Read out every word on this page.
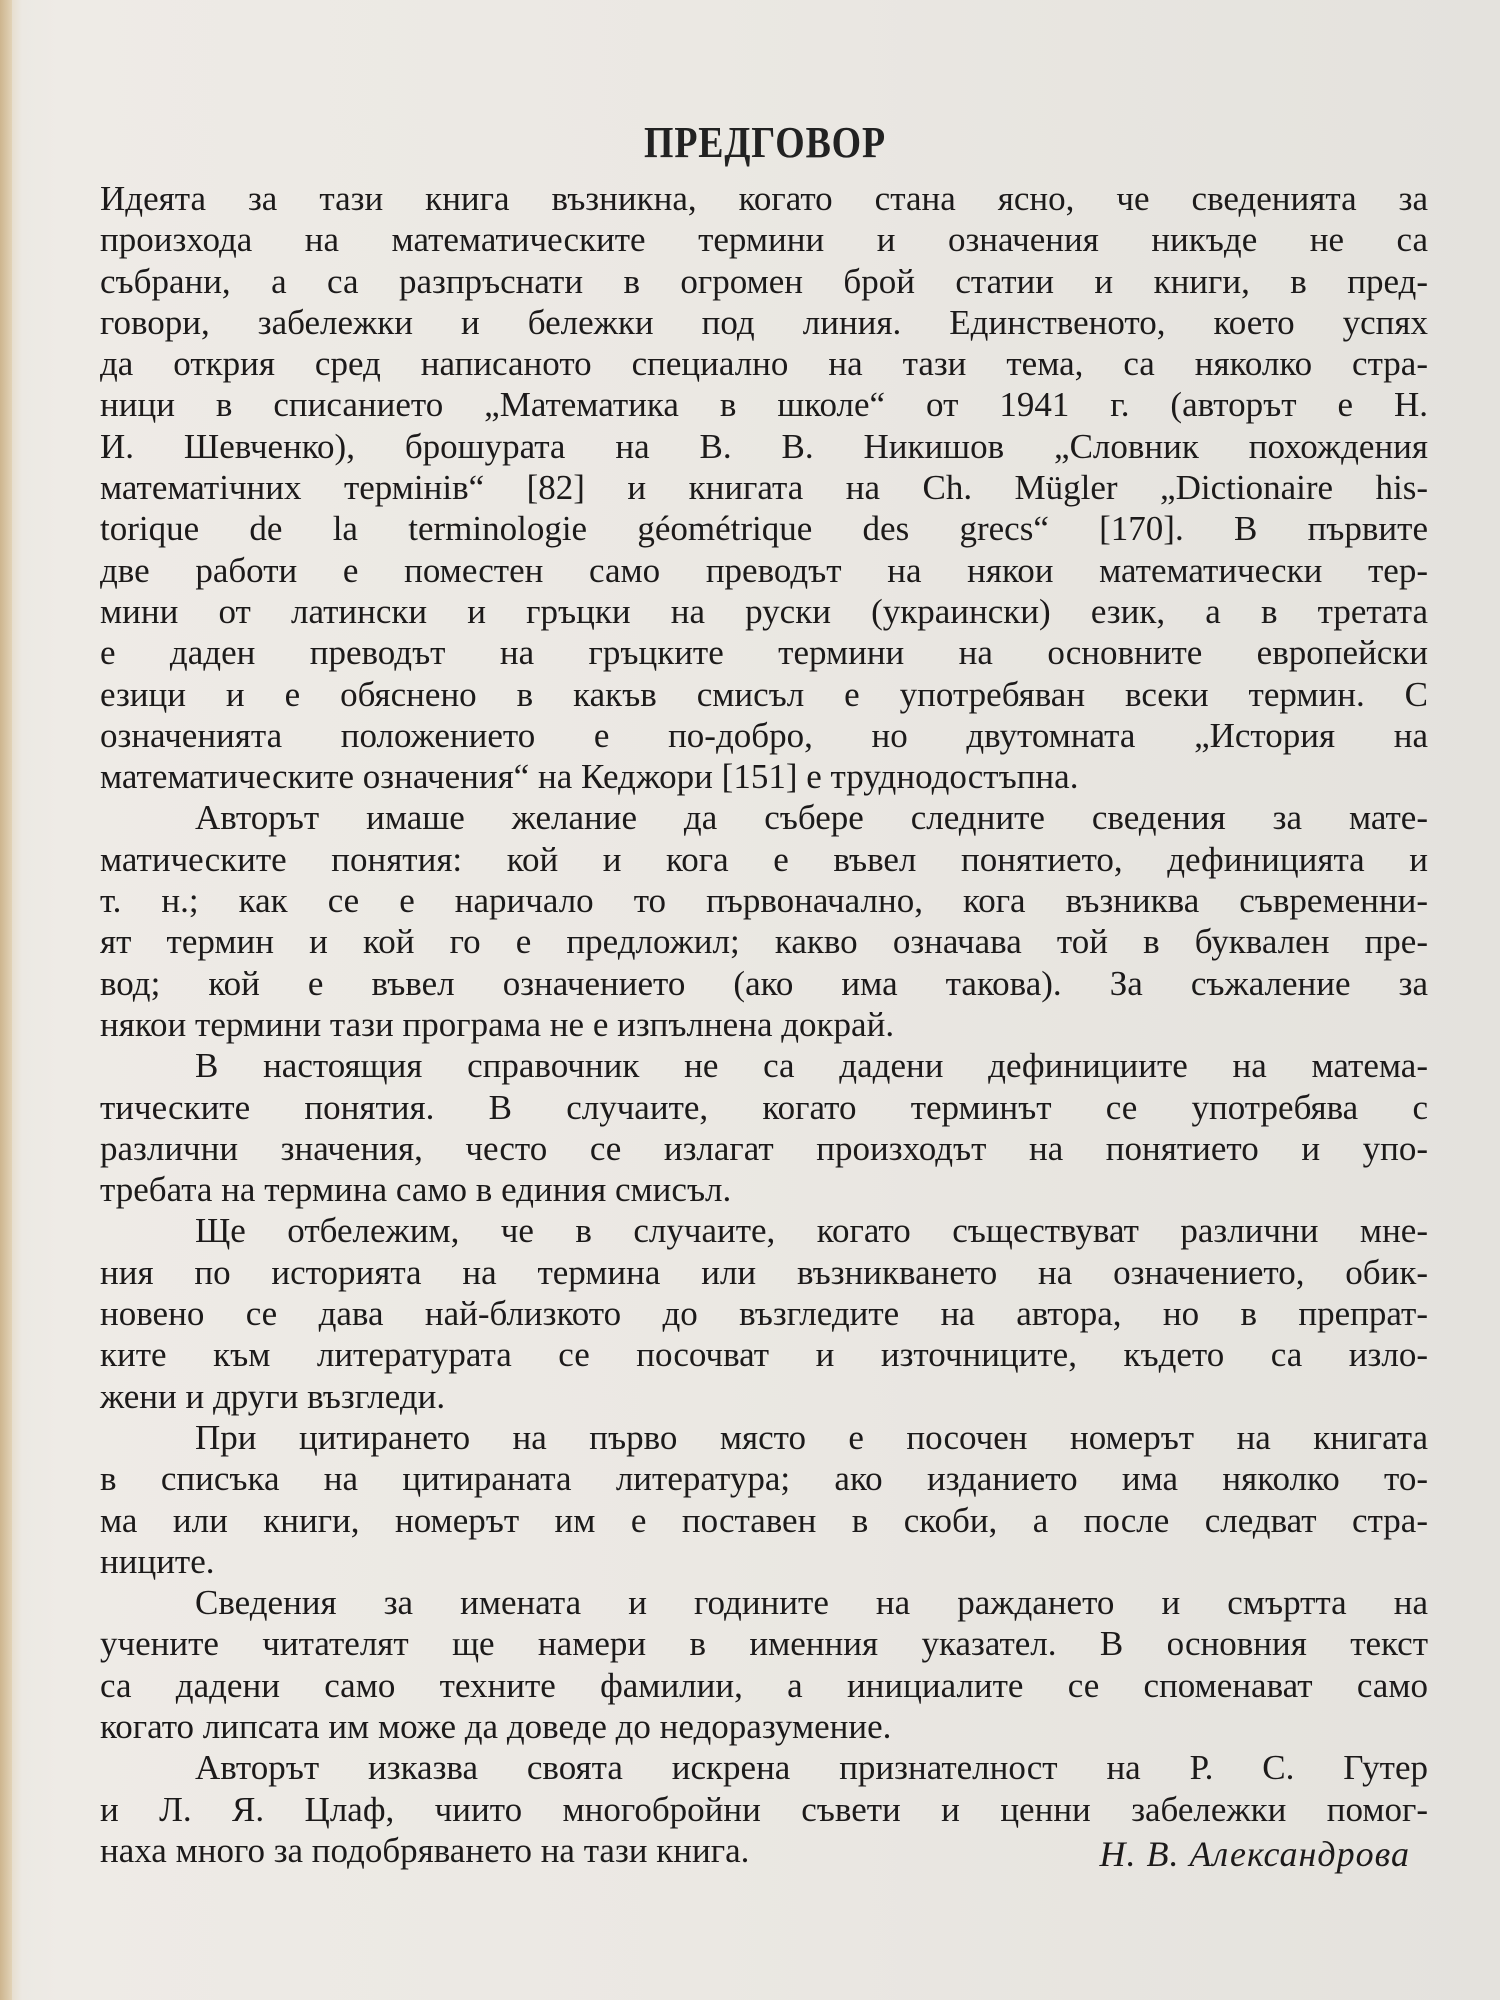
ПРЕДГОВОР
Идеята за тази книга възникна, когато стана ясно, че сведенията за
произхода на математическите термини и означения никъде не са
събрани, а са разпръснати в огромен брой статии и книги, в пред-
говори, забележки и бележки под линия. Единственото, което успях
да открия сред написаното специално на тази тема, са няколко стра-
ници в списанието „Математика в школе“ от 1941 г. (авторът е Н.
И. Шевченко), брошурата на В. В. Никишов „Словник похождения
математічних термінів“ [82] и книгата на Ch. Mügler „Dictionaire his-
torique de la terminologie géométrique des grecs“ [170]. В първите
две работи е поместен само преводът на някои математически тер-
мини от латински и гръцки на руски (украински) език, а в третата
е даден преводът на гръцките термини на основните европейски
езици и е обяснено в какъв смисъл е употребяван всеки термин. С
означенията положението е по-добро, но двутомната „История на
математическите означения“ на Кеджори [151] е труднодостъпна.
Авторът имаше желание да събере следните сведения за мате-
матическите понятия: кой и кога е въвел понятието, дефиницията и
т. н.; как се е наричало то първоначално, кога възниква съвременни-
ят термин и кой го е предложил; какво означава той в буквален пре-
вод; кой е въвел означението (ако има такова). За съжаление за
някои термини тази програма не е изпълнена докрай.
В настоящия справочник не са дадени дефинициите на матема-
тическите понятия. В случаите, когато терминът се употребява с
различни значения, често се излагат произходът на понятието и упо-
требата на термина само в единия смисъл.
Ще отбележим, че в случаите, когато съществуват различни мне-
ния по историята на термина или възникването на означението, обик-
новено се дава най-близкото до възгледите на автора, но в препрат-
ките към литературата се посочват и източниците, където са изло-
жени и други възгледи.
При цитирането на първо място е посочен номерът на книгата
в списъка на цитираната литература; ако изданието има няколко то-
ма или книги, номерът им е поставен в скоби, а после следват стра-
ниците.
Сведения за имената и годините на раждането и смъртта на
учените читателят ще намери в именния указател. В основния текст
са дадени само техните фамилии, а инициалите се споменават само
когато липсата им може да доведе до недоразумение.
Авторът изказва своята искрена признателност на Р. С. Гутер
и Л. Я. Цлаф, чиито многобройни съвети и ценни забележки помог-
наха много за подобряването на тази книга.	Н. В. Александрова
